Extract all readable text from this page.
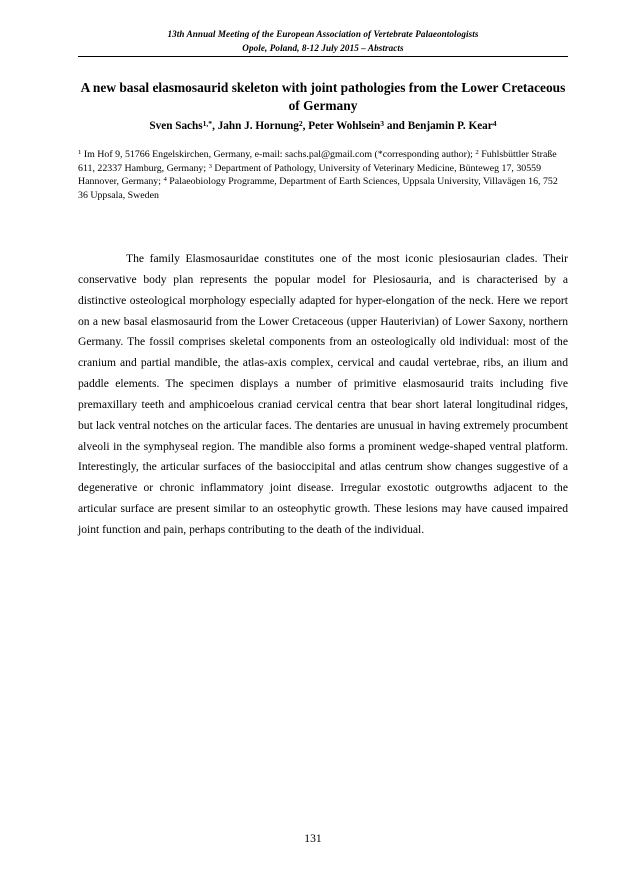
13th Annual Meeting of the European Association of Vertebrate Palaeontologists
Opole, Poland, 8-12 July 2015 – Abstracts
A new basal elasmosaurid skeleton with joint pathologies from the Lower Cretaceous of Germany
Sven Sachs$^{1,*}$, Jahn J. Hornung$^2$, Peter Wohlsein$^3$ and Benjamin P. Kear$^4$
$^1$ Im Hof 9, 51766 Engelskirchen, Germany, e-mail: sachs.pal@gmail.com (*corresponding author); $^2$ Fuhlsbüttler Straße 611, 22337 Hamburg, Germany; $^3$ Department of Pathology, University of Veterinary Medicine, Bünteweg 17, 30559 Hannover, Germany; $^4$ Palaeobiology Programme, Department of Earth Sciences, Uppsala University, Villavägen 16, 752 36 Uppsala, Sweden
The family Elasmosauridae constitutes one of the most iconic plesiosaurian clades. Their conservative body plan represents the popular model for Plesiosauria, and is characterised by a distinctive osteological morphology especially adapted for hyper-elongation of the neck. Here we report on a new basal elasmosaurid from the Lower Cretaceous (upper Hauterivian) of Lower Saxony, northern Germany. The fossil comprises skeletal components from an osteologically old individual: most of the cranium and partial mandible, the atlas-axis complex, cervical and caudal vertebrae, ribs, an ilium and paddle elements. The specimen displays a number of primitive elasmosaurid traits including five premaxillary teeth and amphicoelous craniad cervical centra that bear short lateral longitudinal ridges, but lack ventral notches on the articular faces. The dentaries are unusual in having extremely procumbent alveoli in the symphyseal region. The mandible also forms a prominent wedge-shaped ventral platform. Interestingly, the articular surfaces of the basioccipital and atlas centrum show changes suggestive of a degenerative or chronic inflammatory joint disease. Irregular exostotic outgrowths adjacent to the articular surface are present similar to an osteophytic growth. These lesions may have caused impaired joint function and pain, perhaps contributing to the death of the individual.
131
